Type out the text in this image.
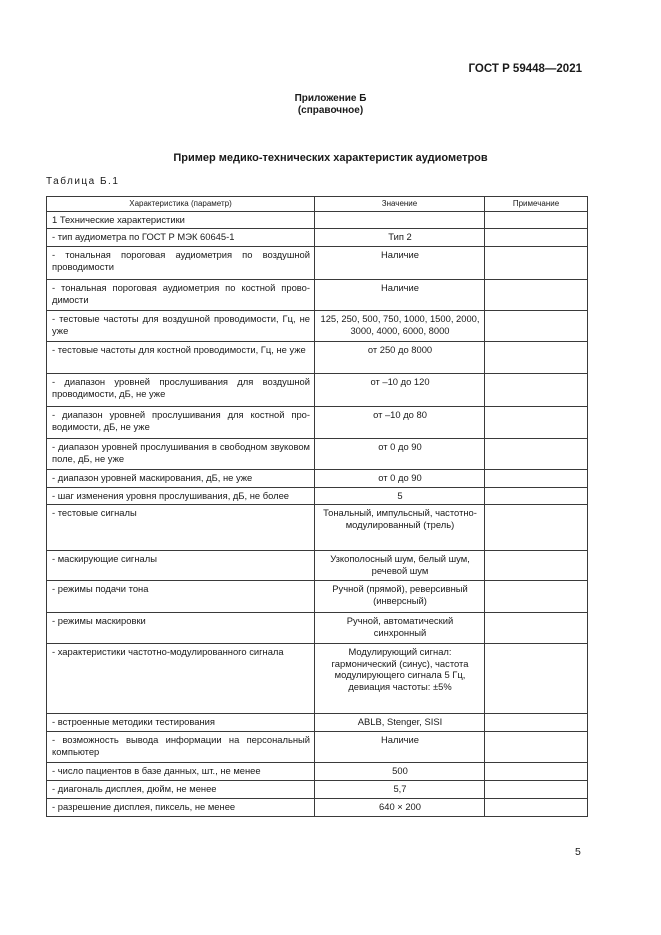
ГОСТ Р 59448—2021
Приложение Б
(справочное)
Пример медико-технических характеристик аудиометров
Таблица Б.1
Характеристика (параметр)	Значение	Примечание
1 Технические характеристики		
- тип аудиометра по ГОСТ Р МЭК 60645-1	Тип 2	
- тональная пороговая аудиометрия по воздушной проводимости	Наличие	
- тональная пороговая аудиометрия по костной прово-димости	Наличие	
- тестовые частоты для воздушной проводимости, Гц, не уже	125, 250, 500, 750, 1000, 1500, 2000, 3000, 4000, 6000, 8000	
- тестовые частоты для костной проводимости, Гц, не уже	от 250 до 8000	
- диапазон уровней прослушивания для воздушной проводимости, дБ, не уже	от –10 до 120	
- диапазон уровней прослушивания для костной про-водимости, дБ, не уже	от –10 до 80	
- диапазон уровней прослушивания в свободном звуковом поле, дБ, не уже	от 0 до 90	
- диапазон уровней маскирования, дБ, не уже	от 0 до 90	
- шаг изменения уровня прослушивания, дБ, не более	5	
- тестовые сигналы	Тональный, импульсный, частотно-модулированный (трель)	
- маскирующие сигналы	Узкополосный шум, белый шум, речевой шум	
- режимы подачи тона	Ручной (прямой), реверсивный (инверсный)	
- режимы маскировки	Ручной, автоматический синхронный	
- характеристики частотно-модулированного сигнала	Модулирующий сигнал: гармонический (синус), частота модулирующего сигнала 5 Гц, девиация частоты: ±5%	
- встроенные методики тестирования	ABLB, Stenger, SISI	
- возможность вывода информации на персональный компьютер	Наличие	
- число пациентов в базе данных, шт., не менее	500	
- диагональ дисплея, дюйм, не менее	5,7	
- разрешение дисплея, пиксель, не менее	640 × 200	
5
